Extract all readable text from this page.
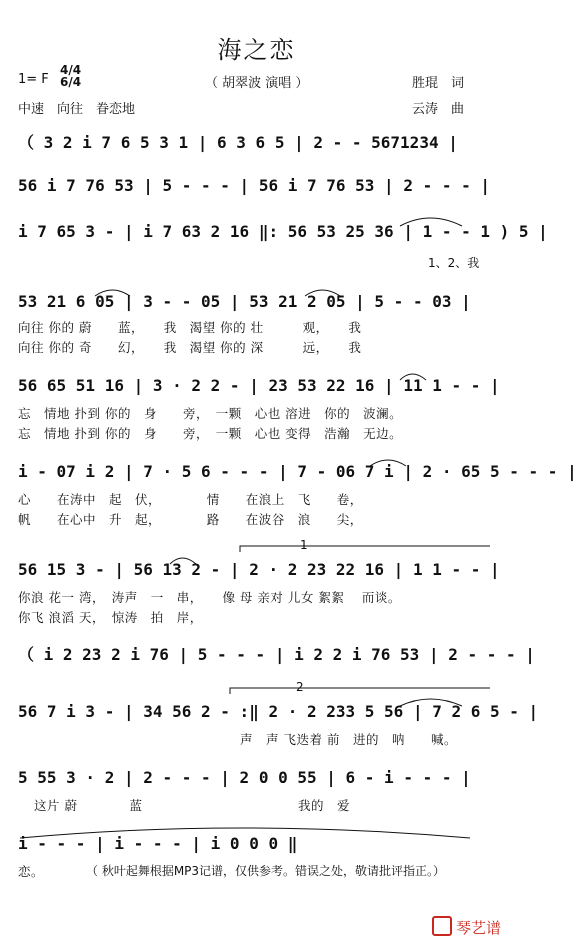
海之恋
1= F
4/4
6/4	（ 胡翠波 演唱 ）	胜琨　词
中速　向往　眷恋地	云涛　曲
（ 3 2 i 7 6 5 3 1 | 6 3 6 5 | 2 - - 5671234 |
56 i 7 76 53 | 5 - - - | 56 i 7 76 53 | 2 - - - |
i 7 65 3 - | i 7 63 2 16 ‖: 56 53 25 36 | 1 - - 1 ) 5 |
1、2、我
53 21 6 05 | 3 - - 05 | 53 21 2 05 | 5 - - 03 |
向往 你的 蔚　　蓝，　　我　渴望 你的 壮　　　观，　　我
向往 你的 奇　　幻，　　我　渴望 你的 深　　　远，　　我
56 65 51 16 | 3 · 2 2 - | 23 53 22 16 | 11 1 - - |
忘　情地 扑到 你的　身　　旁，　一颗　心也 溶进　你的　波澜。
忘　情地 扑到 你的　身　　旁，　一颗　心也 变得　浩瀚　无边。
i - 07 i 2 | 7 · 5 6 - - - | 7 - 06 7 i | 2 · 65 5 - - - |
心　　在涛中　起　伏，　　　　情　　在浪上　飞　　卷，
帆　　在心中　升　起，　　　　路　　在波谷　浪　　尖，
1
56 15 3 - | 56 13 2 - | 2 · 2 23 22 16 | 1 1 - - |
你浪 花一 湾，　涛声　一　串，　　像 母 亲对 儿女 絮絮　 而谈。
你飞 浪滔 天，　惊涛　拍　岸，
（ i 2 23 2 i 76 | 5 - - - | i 2 2 i 76 53 | 2 - - - |
2
56 7 i 3 - | 34 56 2 - :‖ 2 · 2 233 5 56 | 7 2 6 5 - |
声　声 飞迭着 前　进的　呐　　喊。
5 55 3 · 2 | 2 - - - | 2 0 0 55 | 6 - i - - - |
这片 蔚　　　　蓝	我的　爱
i - - - | i - - - | i 0 0 0 ‖
恋。	（ 秋叶起舞根据MP3记谱，仅供参考。错误之处，敬请批评指正。）
琴艺谱
